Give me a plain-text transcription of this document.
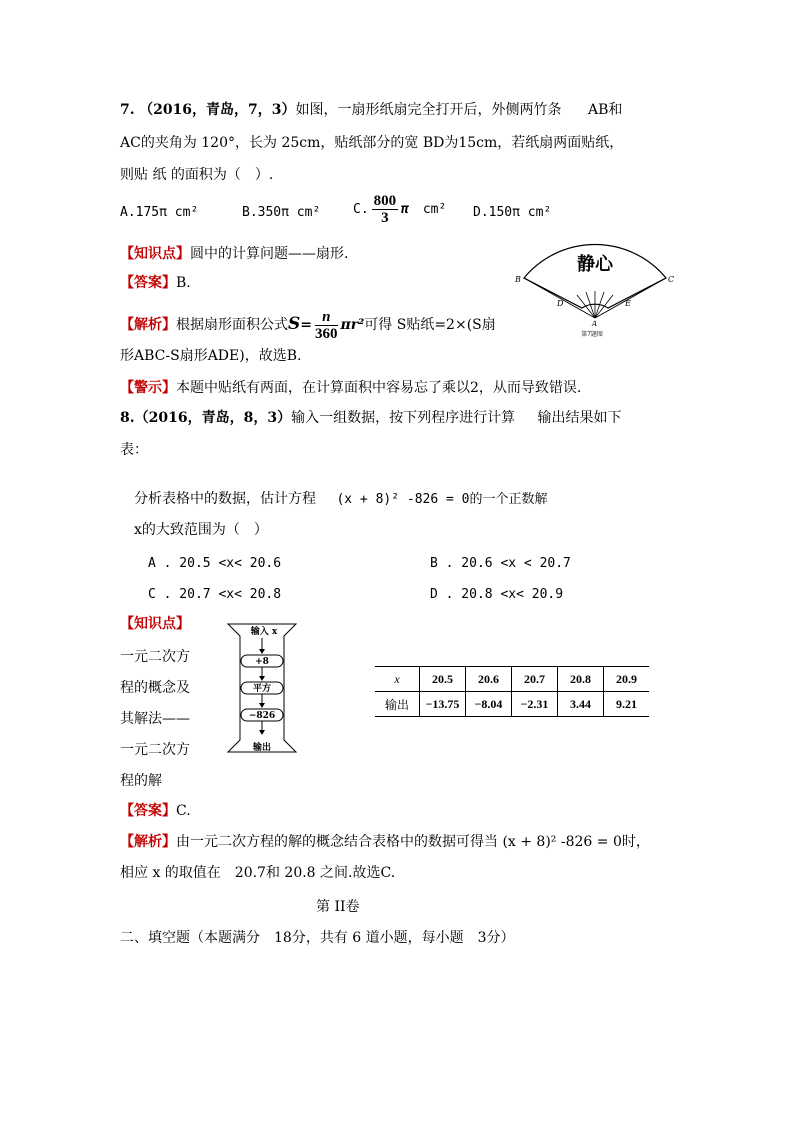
7. （2016，青岛，7，3）如图，一扇形纸扇完全打开后，外侧两竹条 AB和
AC的夹角为 120°，长为 25cm，贴纸部分的宽 BD为15cm，若纸扇两面贴纸，
则贴 纸 的面积为（　）.
A.175π cm²	B.350π cm²	C. $\frac{800}{3}$ π cm² D.150π cm²
【知识点】圆中的计算问题——扇形.
【答案】B.
【解析】根据扇形面积公式$S= \frac{n}{360} \pi r^2$可得 S贴纸=2×(S扇
形ABC-S扇形ADE)，故选B.
【警示】本题中贴纸有两面，在计算面积中容易忘了乘以2，从而导致错误.
静心
B	C
D	E
A
第7题图
8.（2016，青岛，8，3）输入一组数据，按下列程序进行计算 输出结果如下
表：
分析表格中的数据，估计方程 (x + 8)² -826 = 0的一个正数解
x的大致范围为（　）
A . 20.5 <x< 20.6	B . 20.6 <x < 20.7
C . 20.7 <x< 20.8	D . 20.8 <x< 20.9
【知识点】
一元二次方
程的概念及
其解法——
一元二次方
程的解
输入 x
+8
平方
−826
输出
x	20.5	20.6	20.7	20.8	20.9
输出	−13.75	−8.04	−2.31	3.44	9.21
【答案】C.
【解析】由一元二次方程的解的概念结合表格中的数据可得当 (x + 8)² -826 = 0时，
相应 x 的取值在　20.7和 20.8 之间.故选C.
第 II卷
二、填空题（本题满分　18分，共有 6 道小题，每小题　3分）
